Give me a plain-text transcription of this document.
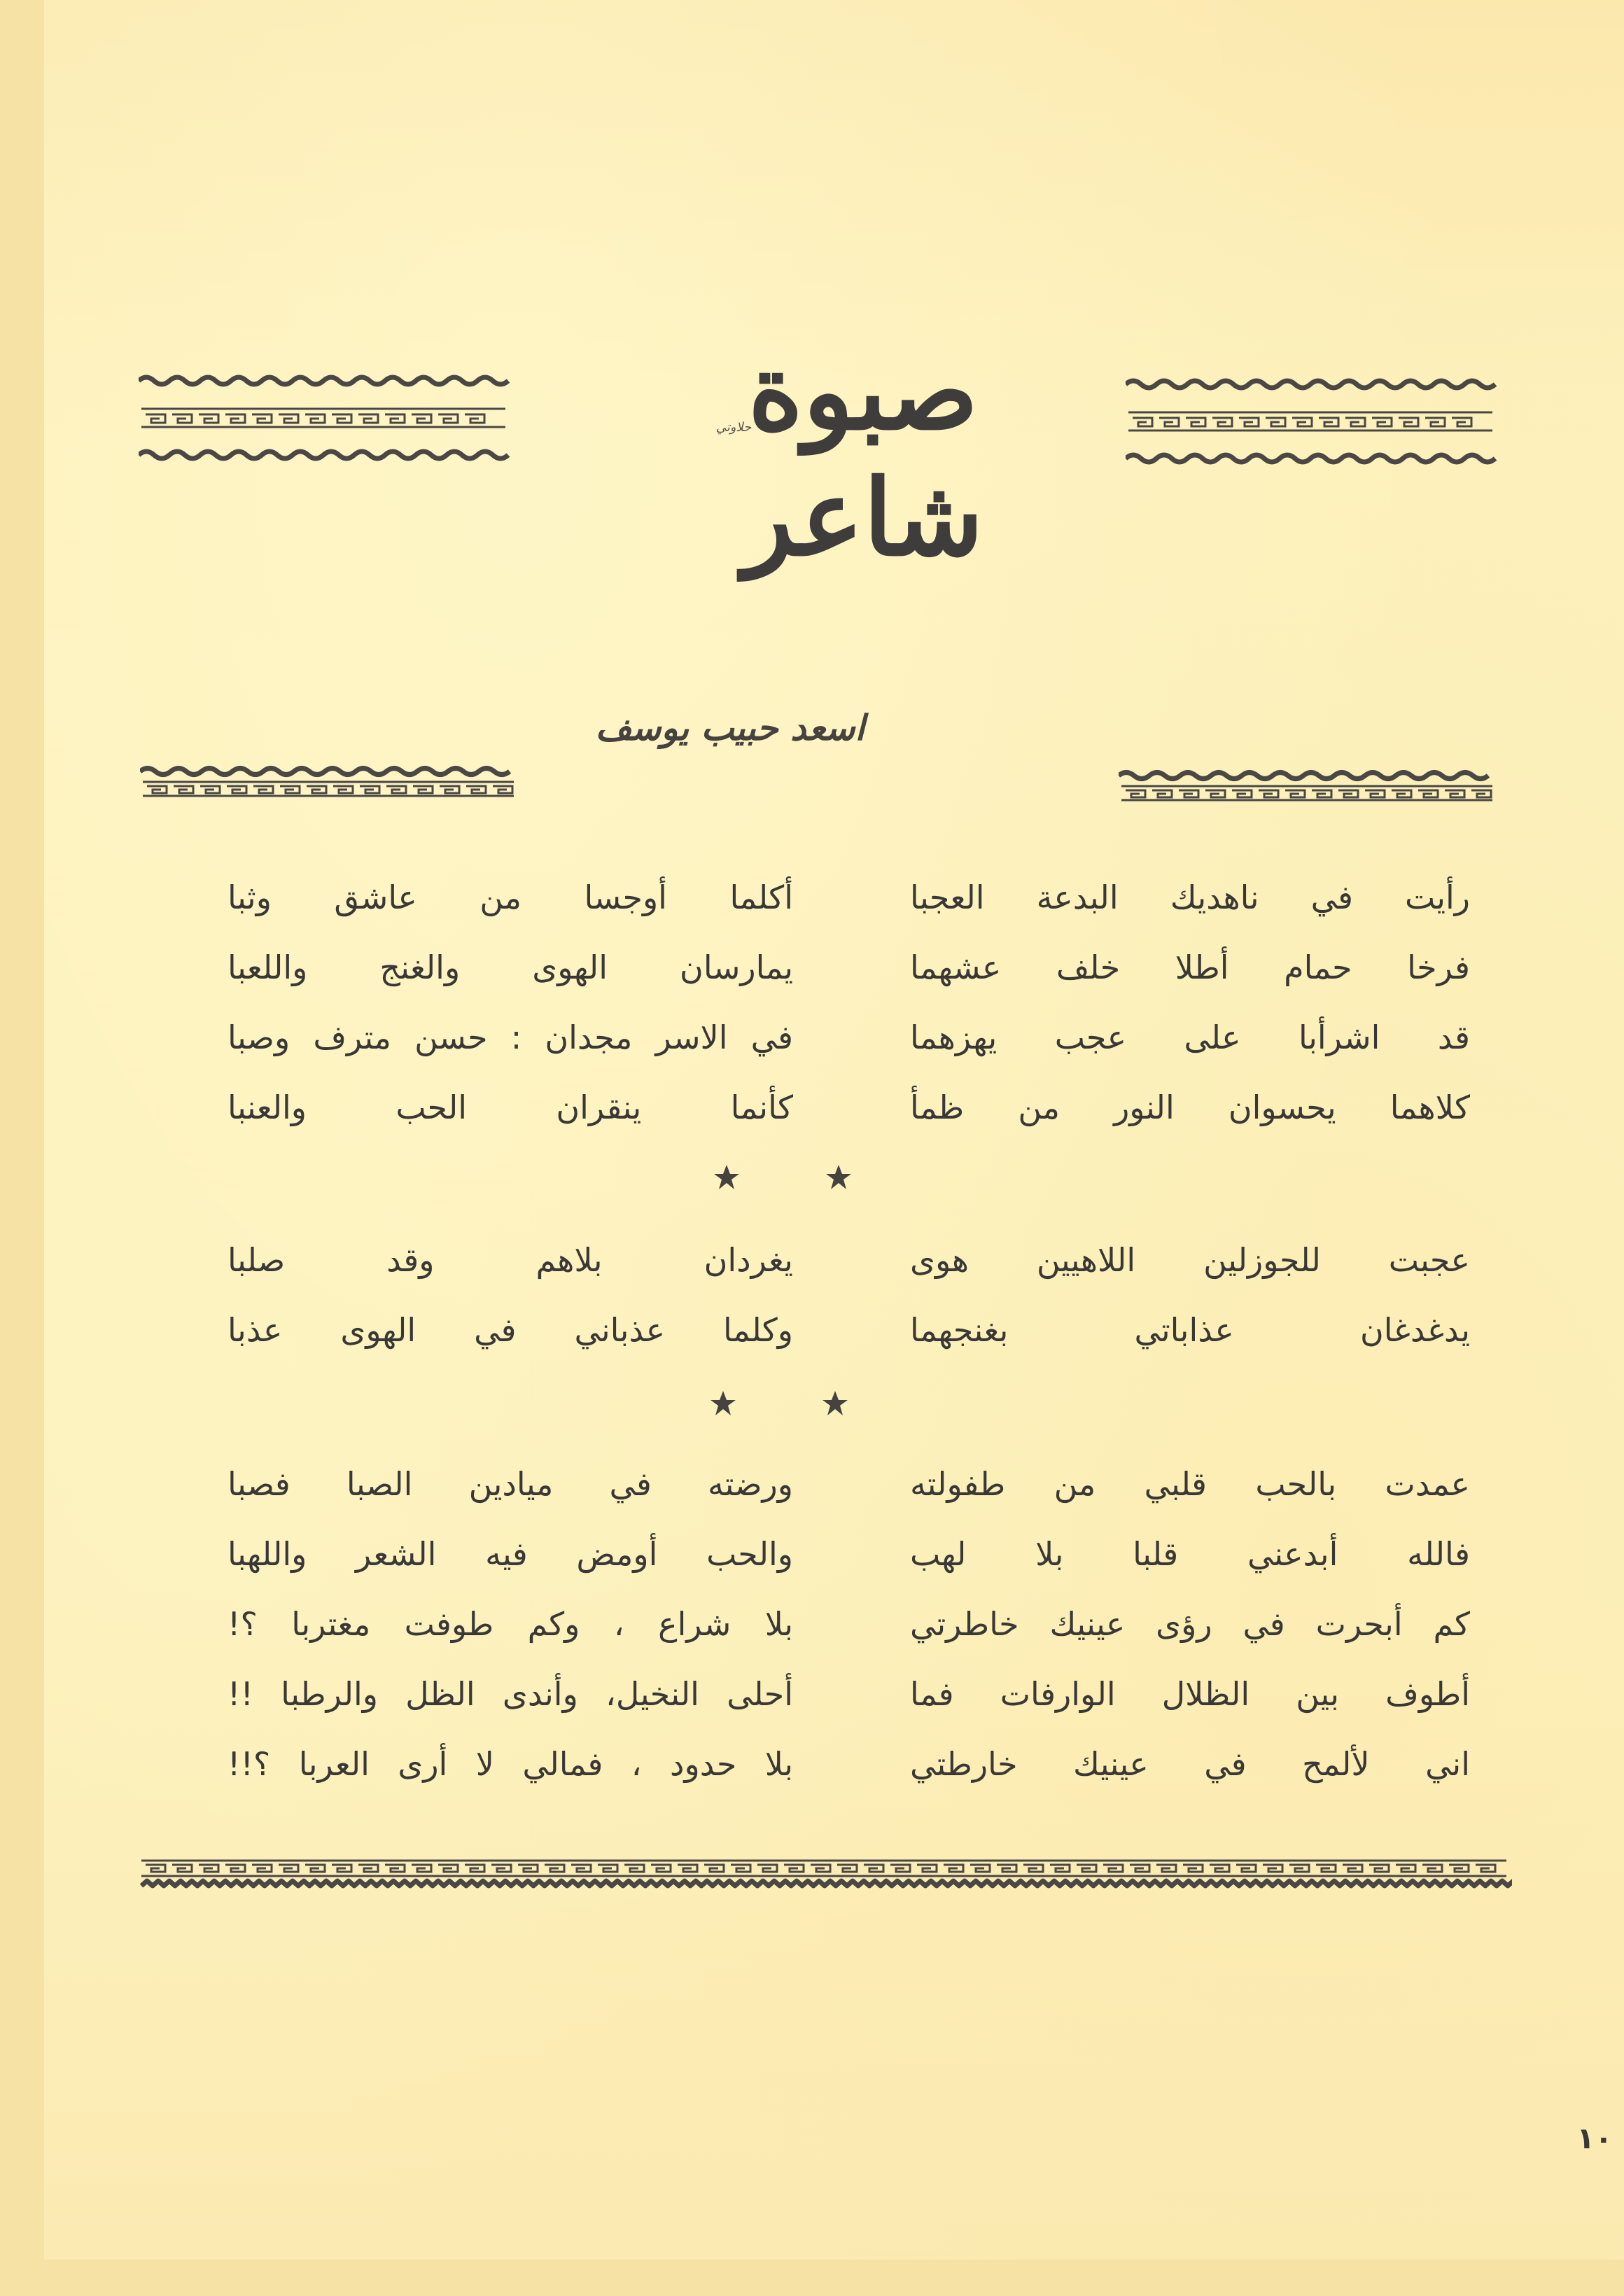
صبوة شاعر
حلاوتي
اسعد حبيب يوسف
رأيت في ناهديك البدعة العجبا
فرخا حمام أطلا خلف عشهما
قد اشرأبا على عجب يهزهما
كلاهما يحسوان النور من ظمأ
أكلما أوجسا من عاشق وثبا
يمارسان الهوى والغنج واللعبا
في الاسر مجدان : حسن مترف وصبا
كأنما ينقران الحب والعنبا
عجبت للجوزلين اللاهيين هوى
يدغدغان عذاباتي بغنجهما
يغردان بلاهم وقد صلبا
وكلما عذباني في الهوى عذبا
عمدت بالحب قلبي من طفولته
فالله أبدعني قلبا بلا لهب
كم أبحرت في رؤى عينيك خاطرتي
أطوف بين الظلال الوارفات فما
اني لألمح في عينيك خارطتي
ورضته في ميادين الصبا فصبا
والحب أومض فيه الشعر واللهبا
بلا شراع ، وكم طوفت مغتربا ؟!
أحلى النخيل، وأندى الظل والرطبا !!
بلا حدود ، فمالي لا أرى العربا ؟!!
١٠
